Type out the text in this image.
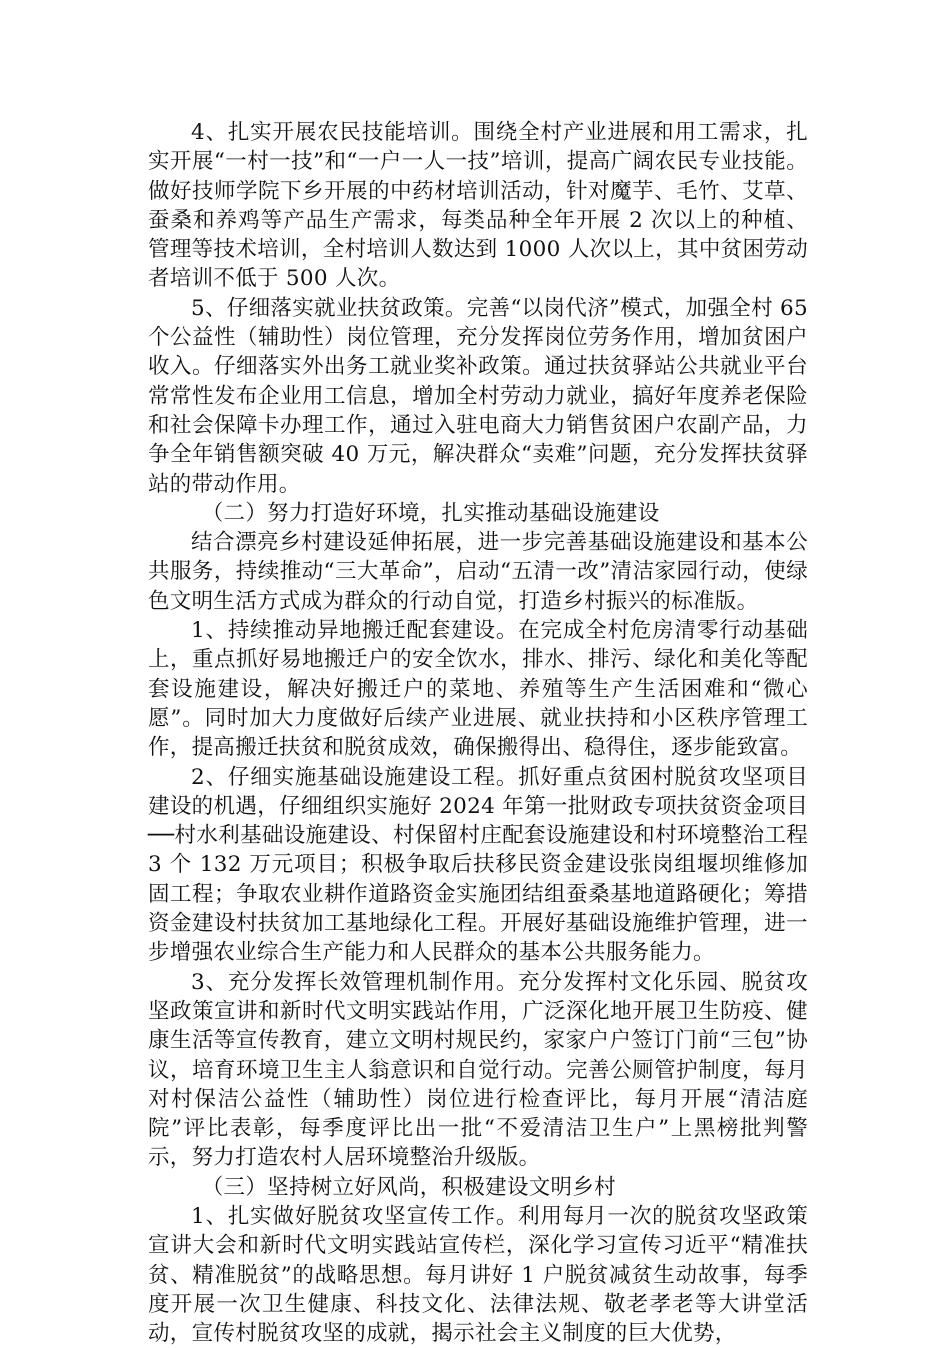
4、扎实开展农民技能培训。围绕全村产业进展和用工需求，扎实开展“一村一技”和“一户一人一技”培训，提高广阔农民专业技能。做好技师学院下乡开展的中药材培训活动，针对魔芋、毛竹、艾草、蚕桑和养鸡等产品生产需求，每类品种全年开展 2 次以上的种植、管理等技术培训，全村培训人数达到 1000 人次以上，其中贫困劳动者培训不低于 500 人次。

5、仔细落实就业扶贫政策。完善“以岗代济”模式，加强全村 65 个公益性（辅助性）岗位管理，充分发挥岗位劳务作用，增加贫困户收入。仔细落实外出务工就业奖补政策。通过扶贫驿站公共就业平台常常性发布企业用工信息，增加全村劳动力就业，搞好年度养老保险和社会保障卡办理工作，通过入驻电商大力销售贫困户农副产品，力争全年销售额突破 40 万元，解决群众“卖难”问题，充分发挥扶贫驿站的带动作用。

（二）努力打造好环境，扎实推动基础设施建设

结合漂亮乡村建设延伸拓展，进一步完善基础设施建设和基本公共服务，持续推动“三大革命”，启动“五清一改”清洁家园行动，使绿色文明生活方式成为群众的行动自觉，打造乡村振兴的标准版。

1、持续推动异地搬迁配套建设。在完成全村危房清零行动基础上，重点抓好易地搬迁户的安全饮水，排水、排污、绿化和美化等配套设施建设，解决好搬迁户的菜地、养殖等生产生活困难和“微心愿”。同时加大力度做好后续产业进展、就业扶持和小区秩序管理工作，提高搬迁扶贫和脱贫成效，确保搬得出、稳得住，逐步能致富。

2、仔细实施基础设施建设工程。抓好重点贫困村脱贫攻坚项目建设的机遇，仔细组织实施好 2024 年第一批财政专项扶贫资金项目──村水利基础设施建设、村保留村庄配套设施建设和村环境整治工程 3 个 132 万元项目；积极争取后扶移民资金建设张岗组堰坝维修加固工程；争取农业耕作道路资金实施团结组蚕桑基地道路硬化；筹措资金建设村扶贫加工基地绿化工程。开展好基础设施维护管理，进一步增强农业综合生产能力和人民群众的基本公共服务能力。

3、充分发挥长效管理机制作用。充分发挥村文化乐园、脱贫攻坚政策宣讲和新时代文明实践站作用，广泛深化地开展卫生防疫、健康生活等宣传教育，建立文明村规民约，家家户户签订门前“三包”协议，培育环境卫生主人翁意识和自觉行动。完善公厕管护制度，每月对村保洁公益性（辅助性）岗位进行检查评比，每月开展“清洁庭院”评比表彰，每季度评比出一批“不爱清洁卫生户”上黑榜批判警示，努力打造农村人居环境整治升级版。

（三）坚持树立好风尚，积极建设文明乡村

1、扎实做好脱贫攻坚宣传工作。利用每月一次的脱贫攻坚政策宣讲大会和新时代文明实践站宣传栏，深化学习宣传习近平“精准扶贫、精准脱贫”的战略思想。每月讲好 1 户脱贫减贫生动故事，每季度开展一次卫生健康、科技文化、法律法规、敬老孝老等大讲堂活动，宣传村脱贫攻坚的成就，揭示社会主义制度的巨大优势，
